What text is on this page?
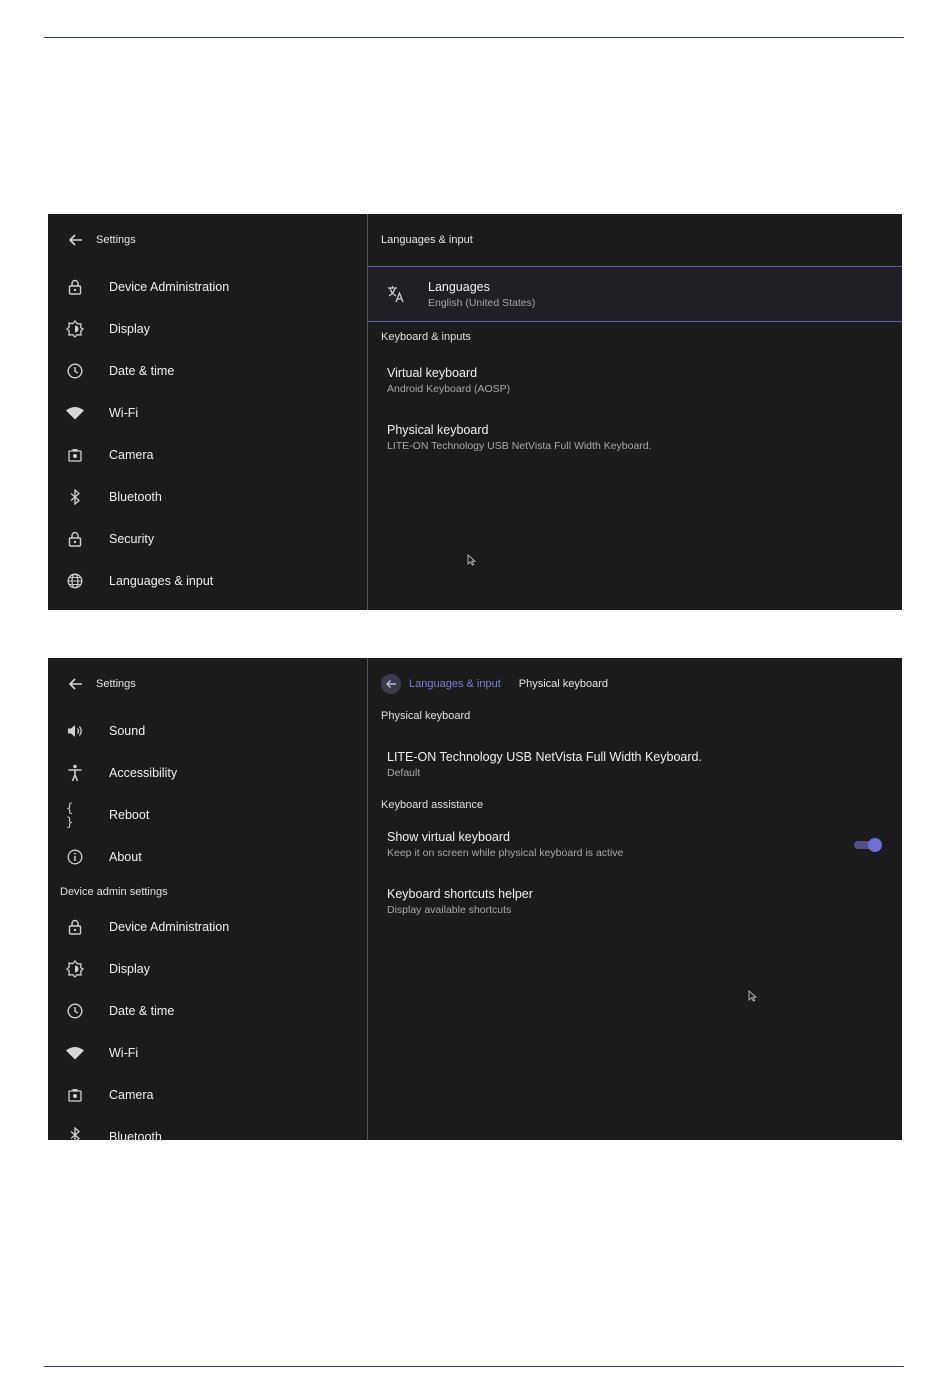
Settings
Device Administration
Display
Date & time
Wi-Fi
Camera
Bluetooth
Security
Languages & input
Languages & input
Languages
English (United States)
Keyboard & inputs
Virtual keyboard
Android Keyboard (AOSP)
Physical keyboard
LITE-ON Technology USB NetVista Full Width Keyboard.
Settings
Sound
Accessibility
{ }	Reboot
About
Device admin settings
Device Administration
Display
Date & time
Wi-Fi
Camera
Bluetooth
Languages & input Physical keyboard
Physical keyboard
LITE-ON Technology USB NetVista Full Width Keyboard.
Default
Keyboard assistance
Show virtual keyboard
Keep it on screen while physical keyboard is active
Keyboard shortcuts helper
Display available shortcuts
